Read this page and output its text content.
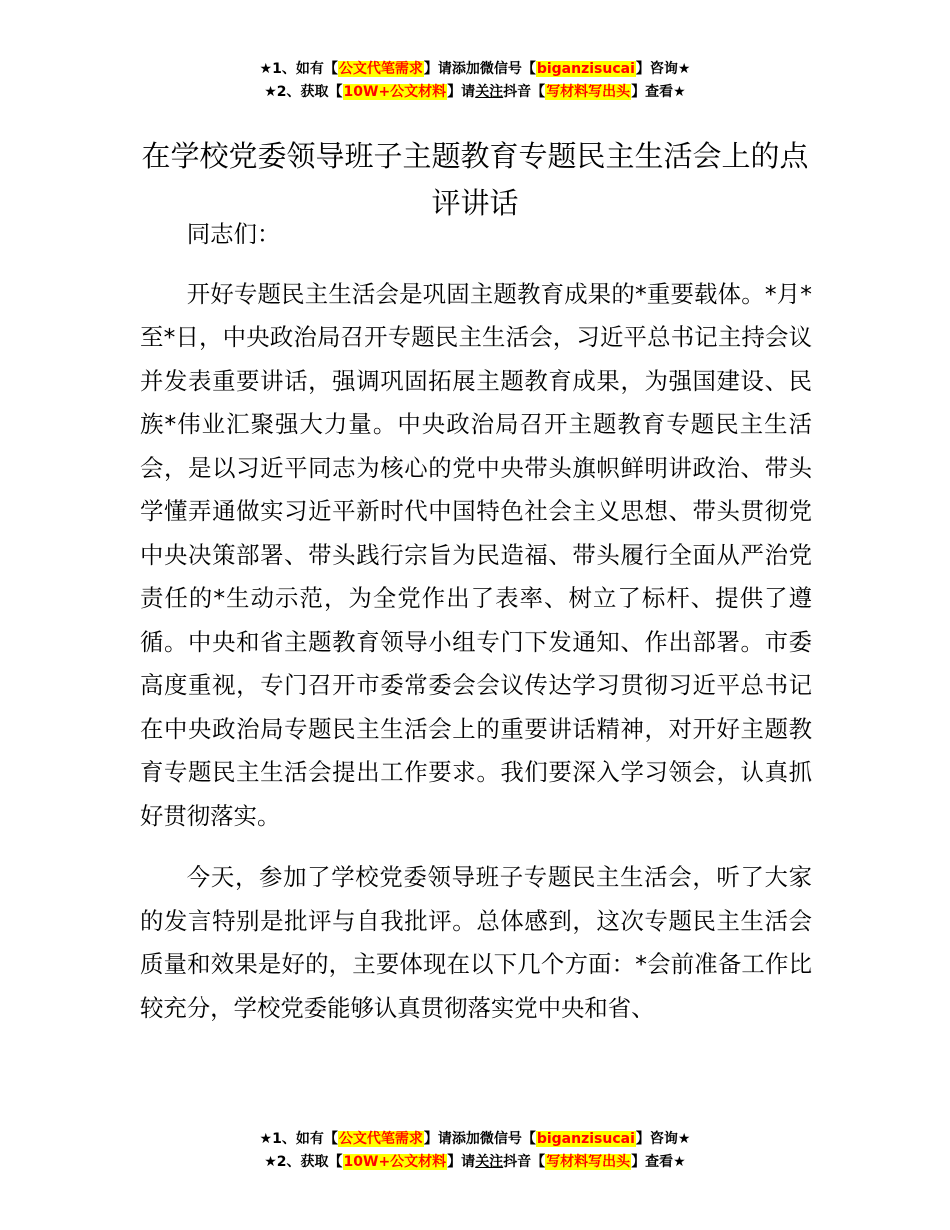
★1、如有【公文代笔需求】请添加微信号【biganzisucai】咨询★
★2、获取【10W+公文材料】请关注抖音【写材料写出头】查看★
在学校党委领导班子主题教育专题民主生活会上的点评讲话

同志们：

开好专题民主生活会是巩固主题教育成果的*重要载体。*月*至*日，中央政治局召开专题民主生活会，习近平总书记主持会议并发表重要讲话，强调巩固拓展主题教育成果，为强国建设、民族*伟业汇聚强大力量。中央政治局召开主题教育专题民主生活会，是以习近平同志为核心的党中央带头旗帜鲜明讲政治、带头学懂弄通做实习近平新时代中国特色社会主义思想、带头贯彻党中央决策部署、带头践行宗旨为民造福、带头履行全面从严治党责任的*生动示范，为全党作出了表率、树立了标杆、提供了遵循。中央和省主题教育领导小组专门下发通知、作出部署。市委高度重视，专门召开市委常委会会议传达学习贯彻习近平总书记在中央政治局专题民主生活会上的重要讲话精神，对开好主题教育专题民主生活会提出工作要求。我们要深入学习领会，认真抓好贯彻落实。

今天，参加了学校党委领导班子专题民主生活会，听了大家的发言特别是批评与自我批评。总体感到，这次专题民主生活会质量和效果是好的，主要体现在以下几个方面：*会前准备工作比较充分，学校党委能够认真贯彻落实党中央和省、

★1、如有【公文代笔需求】请添加微信号【biganzisucai】咨询★
★2、获取【10W+公文材料】请关注抖音【写材料写出头】查看★
